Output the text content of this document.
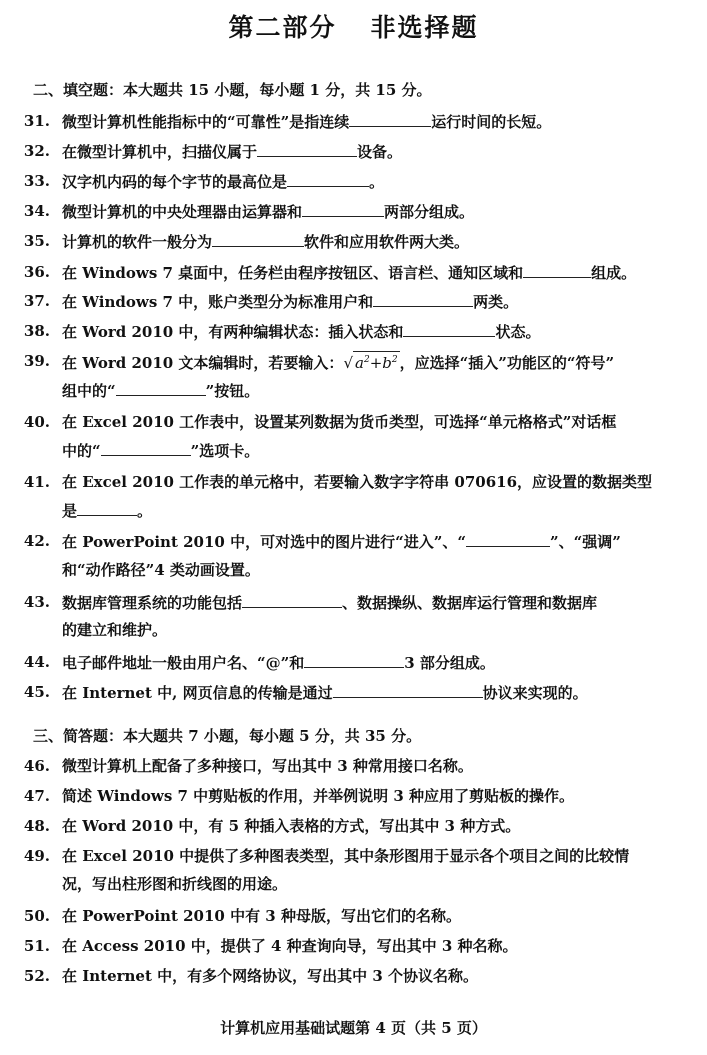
第二部分 非选择题
二、填空题：本大题共 15 小题，每小题 1 分，共 15 分。
31. 微型计算机性能指标中的“可靠性”是指连续	运行时间的长短。
32. 在微型计算机中，扫描仪属于	设备。
33. 汉字机内码的每个字节的最高位是	。
34. 微型计算机的中央处理器由运算器和	两部分组成。
35. 计算机的软件一般分为	软件和应用软件两大类。
36. 在 Windows 7 桌面中，任务栏由程序按钮区、语言栏、通知区域和	组成。
37. 在 Windows 7 中，账户类型分为标准用户和	两类。
38. 在 Word 2010 中，有两种编辑状态：插入状态和	状态。
39. 在 Word 2010 文本编辑时，若要输入：√ $a^2+b^2$ ，应选择“插入”功能区的“符号”
组中的“	”按钮。
40. 在 Excel 2010 工作表中，设置某列数据为货币类型，可选择“单元格格式”对话框
中的“	”选项卡。
41. 在 Excel 2010 工作表的单元格中，若要输入数字字符串 070616，应设置的数据类型
是	。
42. 在 PowerPoint 2010 中，可对选中的图片进行“进入”、“	”、“强调”
和“动作路径”4 类动画设置。
43. 数据库管理系统的功能包括	、数据操纵、数据库运行管理和数据库
的建立和维护。
44. 电子邮件地址一般由用户名、“@”和	3 部分组成。
45. 在 Internet 中, 网页信息的传输是通过	协议来实现的。
三、简答题：本大题共 7 小题，每小题 5 分，共 35 分。
46. 微型计算机上配备了多种接口，写出其中 3 种常用接口名称。
47. 简述 Windows 7 中剪贴板的作用，并举例说明 3 种应用了剪贴板的操作。
48. 在 Word 2010 中，有 5 种插入表格的方式，写出其中 3 种方式。
49. 在 Excel 2010 中提供了多种图表类型，其中条形图用于显示各个项目之间的比较情
况，写出柱形图和折线图的用途。
50. 在 PowerPoint 2010 中有 3 种母版，写出它们的名称。
51. 在 Access 2010 中，提供了 4 种查询向导，写出其中 3 种名称。
52. 在 Internet 中，有多个网络协议，写出其中 3 个协议名称。
计算机应用基础试题第 4 页（共 5 页）
